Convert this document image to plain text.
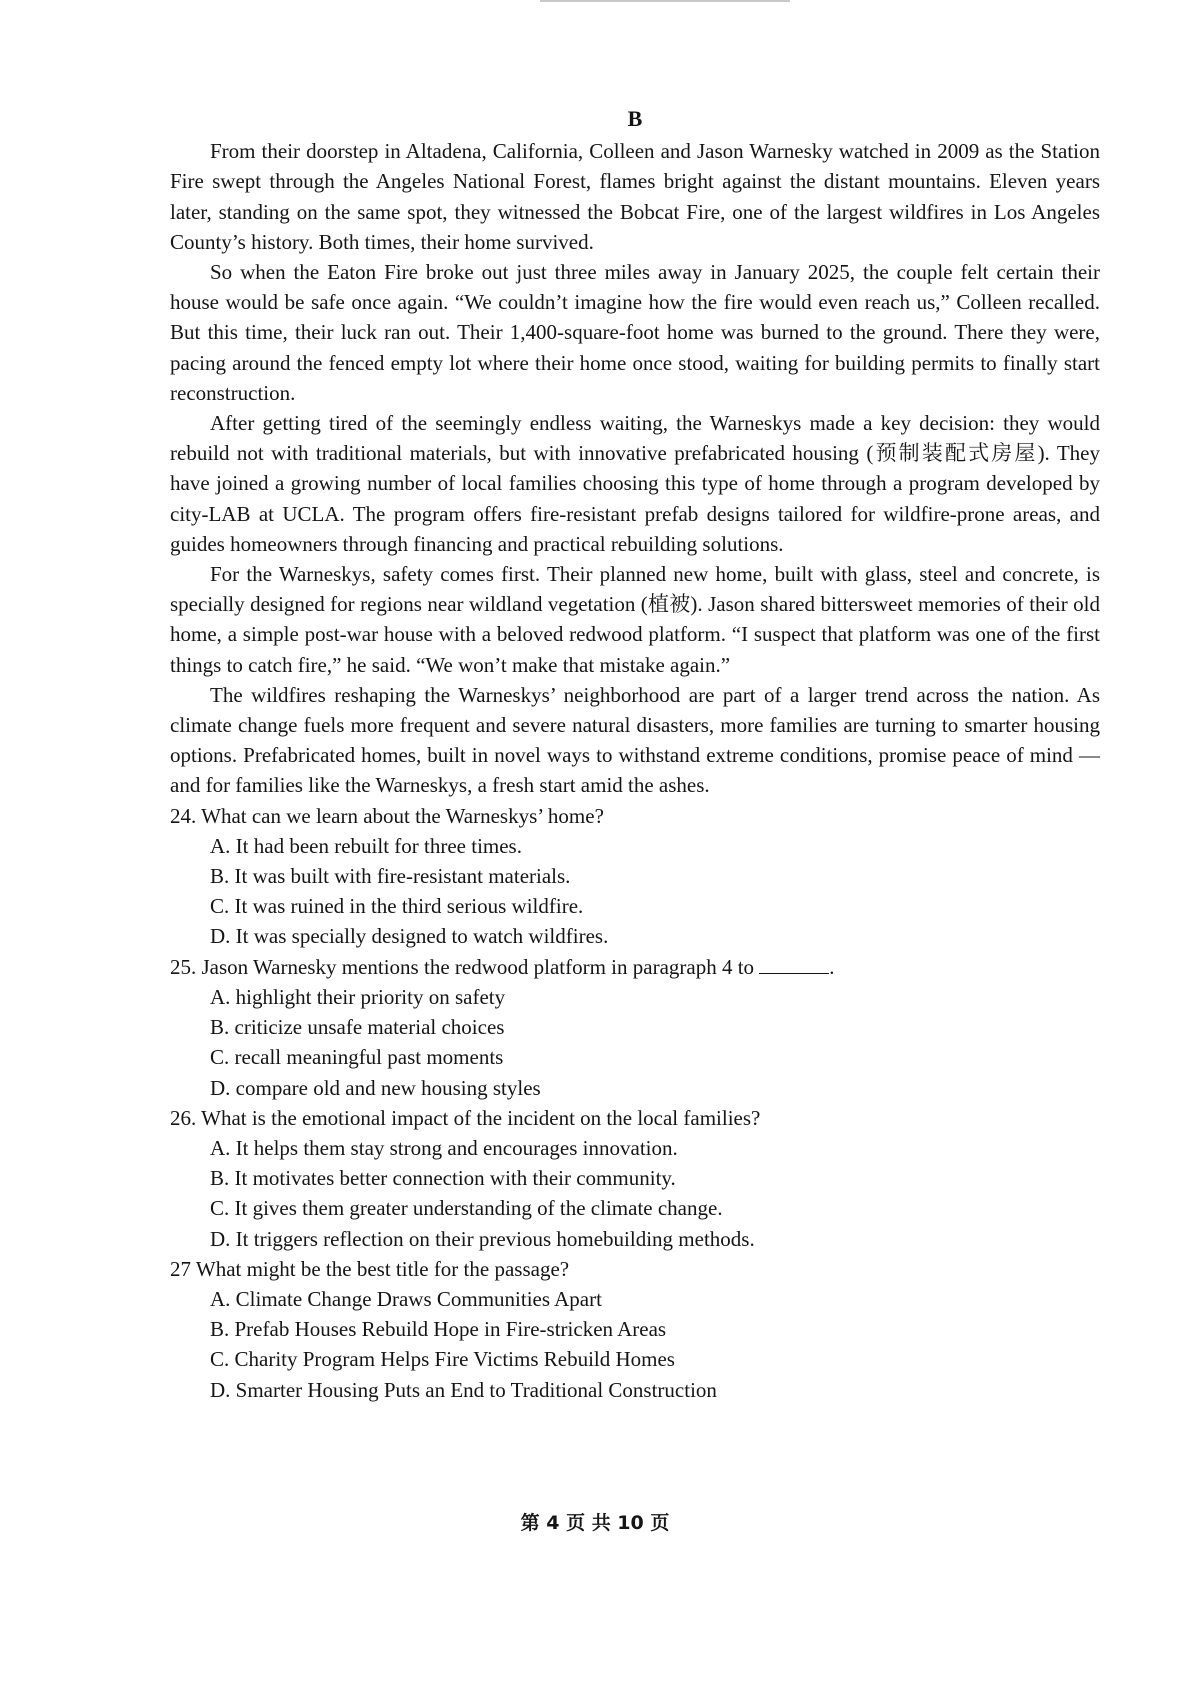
B

From their doorstep in Altadena, California, Colleen and Jason Warnesky watched in 2009 as the Station Fire swept through the Angeles National Forest, flames bright against the distant mountains. Eleven years later, standing on the same spot, they witnessed the Bobcat Fire, one of the largest wildfires in Los Angeles County’s history. Both times, their home survived.

So when the Eaton Fire broke out just three miles away in January 2025, the couple felt certain their house would be safe once again. “We couldn’t imagine how the fire would even reach us,” Colleen recalled. But this time, their luck ran out. Their 1,400-square-foot home was burned to the ground. There they were, pacing around the fenced empty lot where their home once stood, waiting for building permits to finally start reconstruction.

After getting tired of the seemingly endless waiting, the Warneskys made a key decision: they would rebuild not with traditional materials, but with innovative prefabricated housing (预制装配式房屋). They have joined a growing number of local families choosing this type of home through a program developed by city-LAB at UCLA. The program offers fire-resistant prefab designs tailored for wildfire-prone areas, and guides homeowners through financing and practical rebuilding solutions.

For the Warneskys, safety comes first. Their planned new home, built with glass, steel and concrete, is specially designed for regions near wildland vegetation (植被). Jason shared bittersweet memories of their old home, a simple post-war house with a beloved redwood platform. “I suspect that platform was one of the first things to catch fire,” he said. “We won’t make that mistake again.”

The wildfires reshaping the Warneskys’ neighborhood are part of a larger trend across the nation. As climate change fuels more frequent and severe natural disasters, more families are turning to smarter housing options. Prefabricated homes, built in novel ways to withstand extreme conditions, promise peace of mind — and for families like the Warneskys, a fresh start amid the ashes.

24. What can we learn about the Warneskys’ home?
A. It had been rebuilt for three times.
B. It was built with fire-resistant materials.
C. It was ruined in the third serious wildfire.
D. It was specially designed to watch wildfires.
25. Jason Warnesky mentions the redwood platform in paragraph 4 to	.
A. highlight their priority on safety
B. criticize unsafe material choices
C. recall meaningful past moments
D. compare old and new housing styles
26. What is the emotional impact of the incident on the local families?
A. It helps them stay strong and encourages innovation.
B. It motivates better connection with their community.
C. It gives them greater understanding of the climate change.
D. It triggers reflection on their previous homebuilding methods.
27 What might be the best title for the passage?
A. Climate Change Draws Communities Apart
B. Prefab Houses Rebuild Hope in Fire-stricken Areas
C. Charity Program Helps Fire Victims Rebuild Homes
D. Smarter Housing Puts an End to Traditional Construction
第 4 页 共 10 页
